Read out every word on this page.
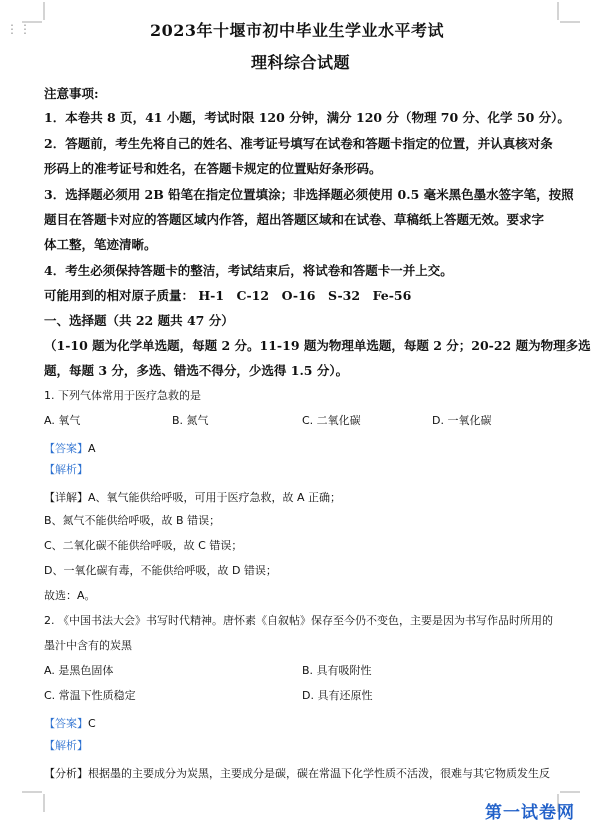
⋮⋮	2023年十堰市初中毕业生学业水平考试
理科综合试题
注意事项:
1．本卷共 8 页，41 小题，考试时限 120 分钟，满分 120 分（物理 70 分、化学 50 分）。
2．答题前，考生先将自己的姓名、准考证号填写在试卷和答题卡指定的位置，并认真核对条
形码上的准考证号和姓名，在答题卡规定的位置贴好条形码。
3．选择题必须用 2B 铅笔在指定位置填涂；非选择题必须使用 0.5 毫米黑色墨水签字笔，按照
题目在答题卡对应的答题区域内作答，超出答题区域和在试卷、草稿纸上答题无效。要求字
体工整，笔迹清晰。
4．考生必须保持答题卡的整洁，考试结束后，将试卷和答题卡一并上交。
可能用到的相对原子质量： H-1　C-12　O-16　S-32　Fe-56
一、选择题（共 22 题共 47 分）
（1-10 题为化学单选题，每题 2 分。11-19 题为物理单选题，每题 2 分；20-22 题为物理多选
题，每题 3 分，多选、错选不得分，少选得 1.5 分）。
1. 下列气体常用于医疗急救的是
A. 氧气	B. 氮气	C. 二氧化碳	D. 一氧化碳
【答案】A
【解析】
【详解】A、氧气能供给呼吸，可用于医疗急救，故 A 正确；
B、氮气不能供给呼吸，故 B 错误；
C、二氧化碳不能供给呼吸，故 C 错误；
D、一氧化碳有毒，不能供给呼吸，故 D 错误；
故选：A。
2. 《中国书法大会》书写时代精神。唐怀素《自叙帖》保存至今仍不变色，主要是因为书写作品时所用的
墨汁中含有的炭黑
A. 是黑色固体	B. 具有吸附性
C. 常温下性质稳定	D. 具有还原性
【答案】C
【解析】
【分析】根据墨的主要成分为炭黑，主要成分是碳，碳在常温下化学性质不活泼，很难与其它物质发生反
第一试卷网
